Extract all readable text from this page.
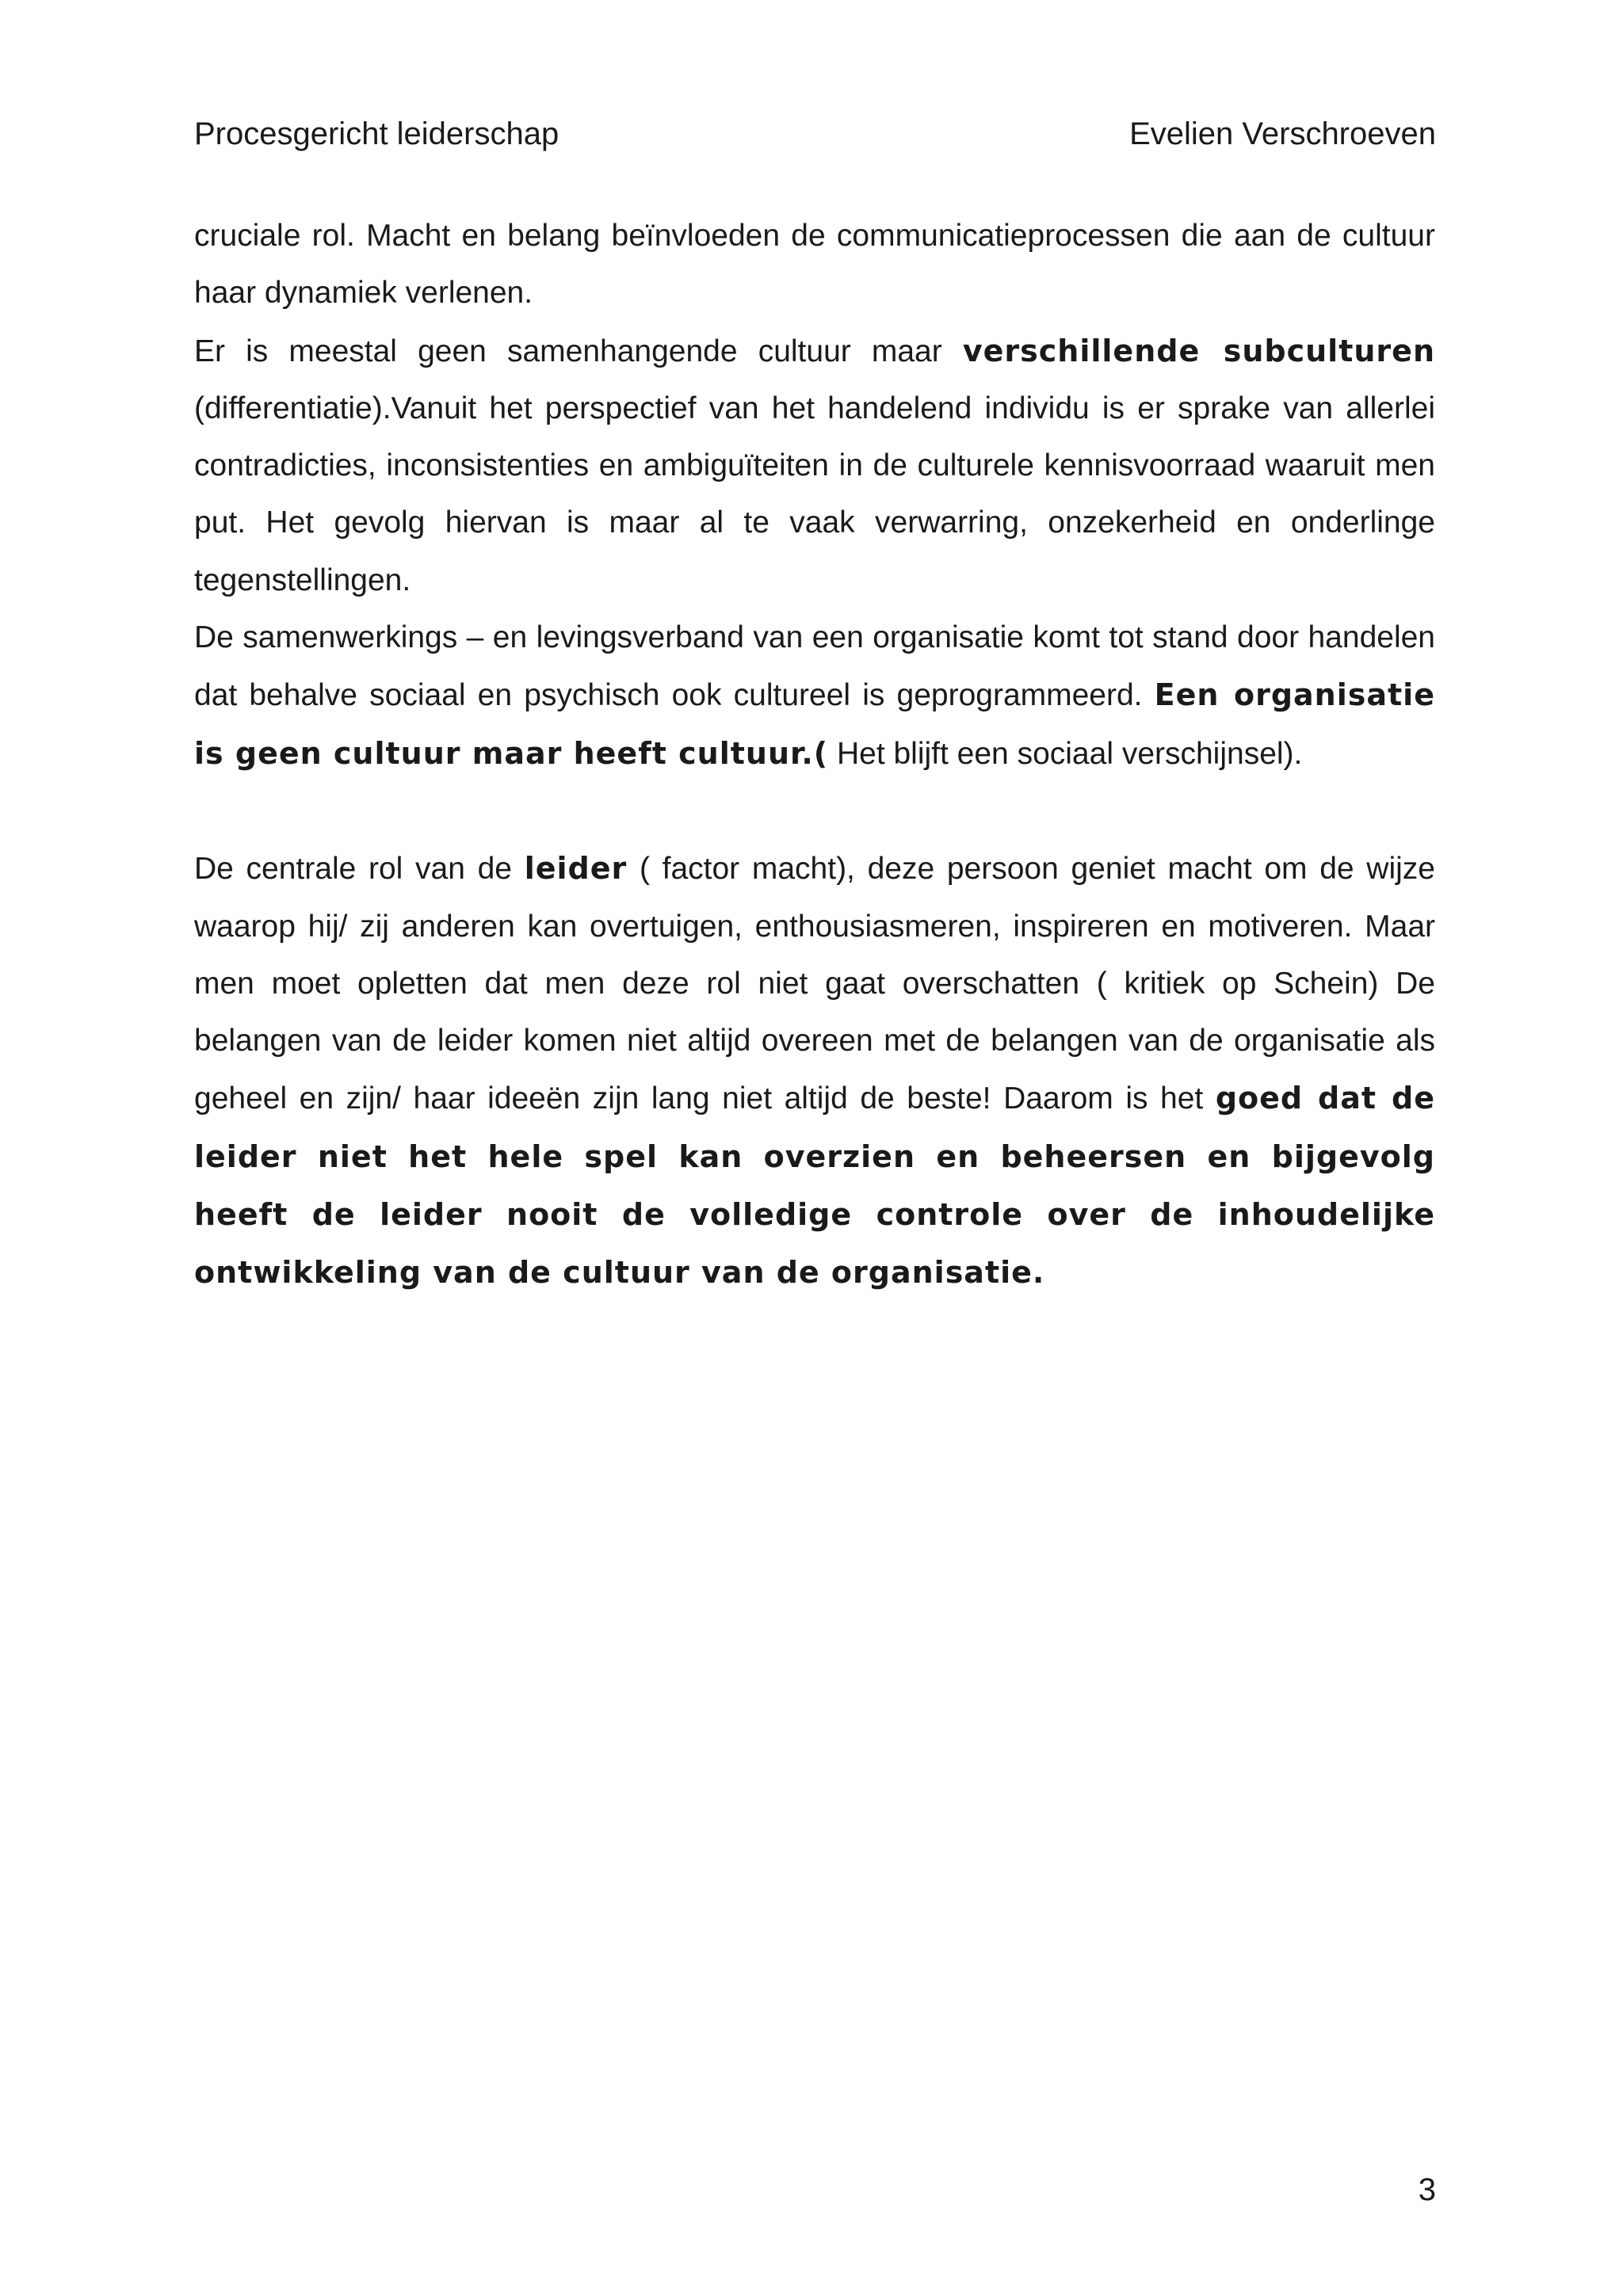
Procesgericht leiderschap	Evelien Verschroeven

cruciale rol. Macht en belang beïnvloeden de communicatieprocessen die aan de cultuur haar dynamiek verlenen.

Er is meestal geen samenhangende cultuur maar verschillende subculturen (differentiatie).Vanuit het perspectief van het handelend individu is er sprake van allerlei contradicties, inconsistenties en ambiguïteiten in de culturele kennisvoorraad waaruit men put. Het gevolg hiervan is maar al te vaak verwarring, onzekerheid en onderlinge tegenstellingen.

De samenwerkings – en levingsverband van een organisatie komt tot stand door handelen dat behalve sociaal en psychisch ook cultureel is geprogrammeerd. Een organisatie is geen cultuur maar heeft cultuur.( Het blijft een sociaal verschijnsel).

De centrale rol van de leider ( factor macht), deze persoon geniet macht om de wijze waarop hij/ zij anderen kan overtuigen, enthousiasmeren, inspireren en motiveren. Maar men moet opletten dat men deze rol niet gaat overschatten ( kritiek op Schein) De belangen van de leider komen niet altijd overeen met de belangen van de organisatie als geheel en zijn/ haar ideeën zijn lang niet altijd de beste! Daarom is het goed dat de leider niet het hele spel kan overzien en beheersen en bijgevolg heeft de leider nooit de volledige controle over de inhoudelijke ontwikkeling van de cultuur van de organisatie.

3
